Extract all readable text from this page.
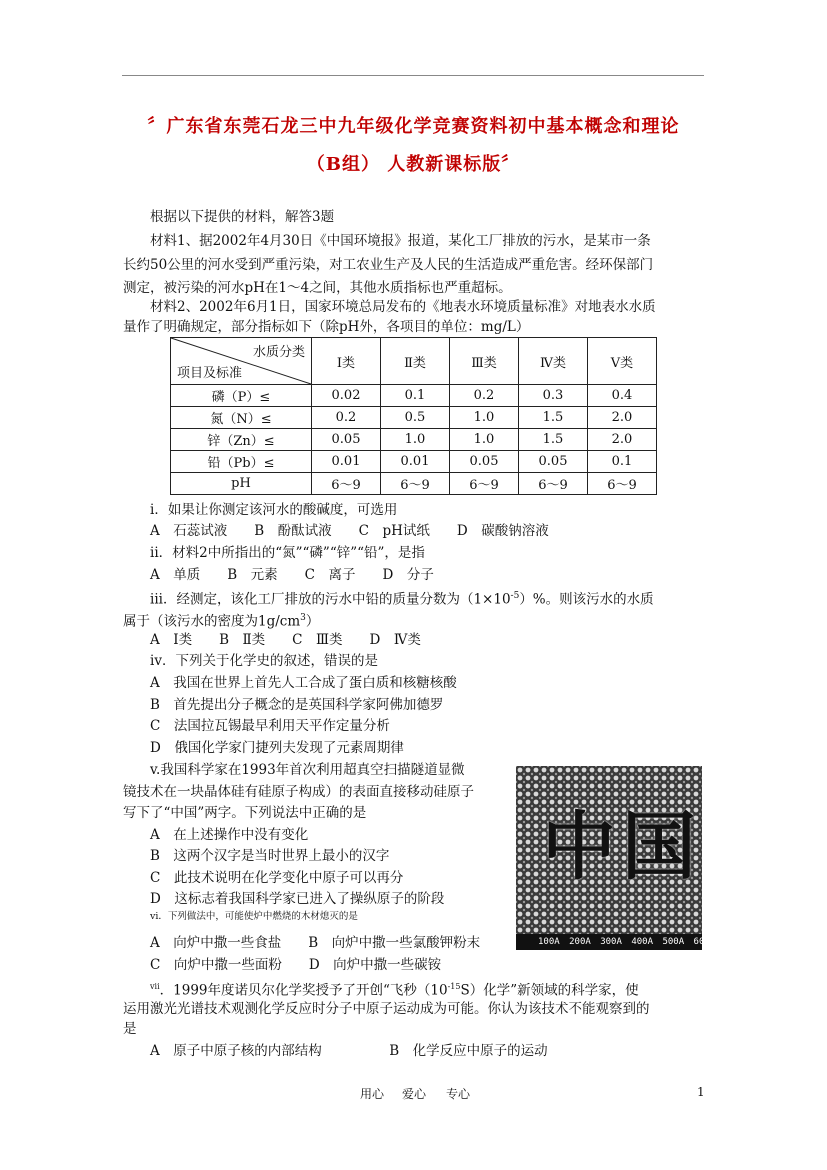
〞广东省东莞石龙三中九年级化学竞赛资料初中基本概念和理论
（B组） 人教新课标版〞
根据以下提供的材料，解答3题
材料1、据2002年4月30日《中国环境报》报道，某化工厂排放的污水，是某市一条
长约50公里的河水受到严重污染，对工农业生产及人民的生活造成严重危害。经环保部门
测定，被污染的河水pH在1～4之间，其他水质指标也严重超标。
材料2、2002年6月1日，国家环境总局发布的《地表水环境质量标准》对地表水水质
量作了明确规定，部分指标如下（除pH外，各项目的单位：mg/L）
水质分类
项目及标准	Ⅰ类	Ⅱ类	Ⅲ类	Ⅳ类	Ⅴ类
磷（P）≤	0.02	0.1	0.2	0.3	0.4
氮（N）≤	0.2	0.5	1.0	1.5	2.0
锌（Zn）≤	0.05	1.0	1.0	1.5	2.0
铅（Pb）≤	0.01	0.01	0.05	0.05	0.1
pH	6～9	6～9	6～9	6～9	6～9
i．如果让你测定该河水的酸碱度，可选用
A　石蕊试液　　B　酚酞试液　　C　pH试纸　　D　碳酸钠溶液
ii．材料2中所指出的“氮”“磷”“锌”“铅”，是指
A　单质　　B　元素　　C　离子　　D　分子
iii．经测定，该化工厂排放的污水中铅的质量分数为$(1\times 10^{-5})\%$。则该污水的水质
属于（该污水的密度为$1g/cm^3$）
A　Ⅰ类　　B　Ⅱ类　　C　Ⅲ类　　D　Ⅳ类
iv．下列关于化学史的叙述，错误的是
A　我国在世界上首先人工合成了蛋白质和核糖核酸
B　首先提出分子概念的是英国科学家阿佛加德罗
C　法国拉瓦锡最早利用天平作定量分析
D　俄国化学家门捷列夫发现了元素周期律
v.我国科学家在1993年首次利用超真空扫描隧道显微
镜技术在一块晶体硅有硅原子构成）的表面直接移动硅原子
写下了“中国”两字。下列说法中正确的是
A　在上述操作中没有变化
B　这两个汉字是当时世界上最小的汉字
C　此技术说明在化学变化中原子可以再分
D　这标志着我国科学家已进入了操纵原子的阶段
中国
100A 200A 300A 400A 500A 600A 700A
vi．下列做法中，可能使炉中燃烧的木材熄灭的是
A　向炉中撒一些食盐　　B　向炉中撒一些氯酸钾粉末
C　向炉中撒一些面粉　　D　向炉中撒一些碳铵
$^{vii}$．1999年度诺贝尔化学奖授予了开创“飞秒$(10^{-15}S)$化学”新领域的科学家，使
运用激光光谱技术观测化学反应时分子中原子运动成为可能。你认为该技术不能观察到的
是
A　原子中原子核的内部结构　　　　　B　化学反应中原子的运动
用心 爱心 专心	1
